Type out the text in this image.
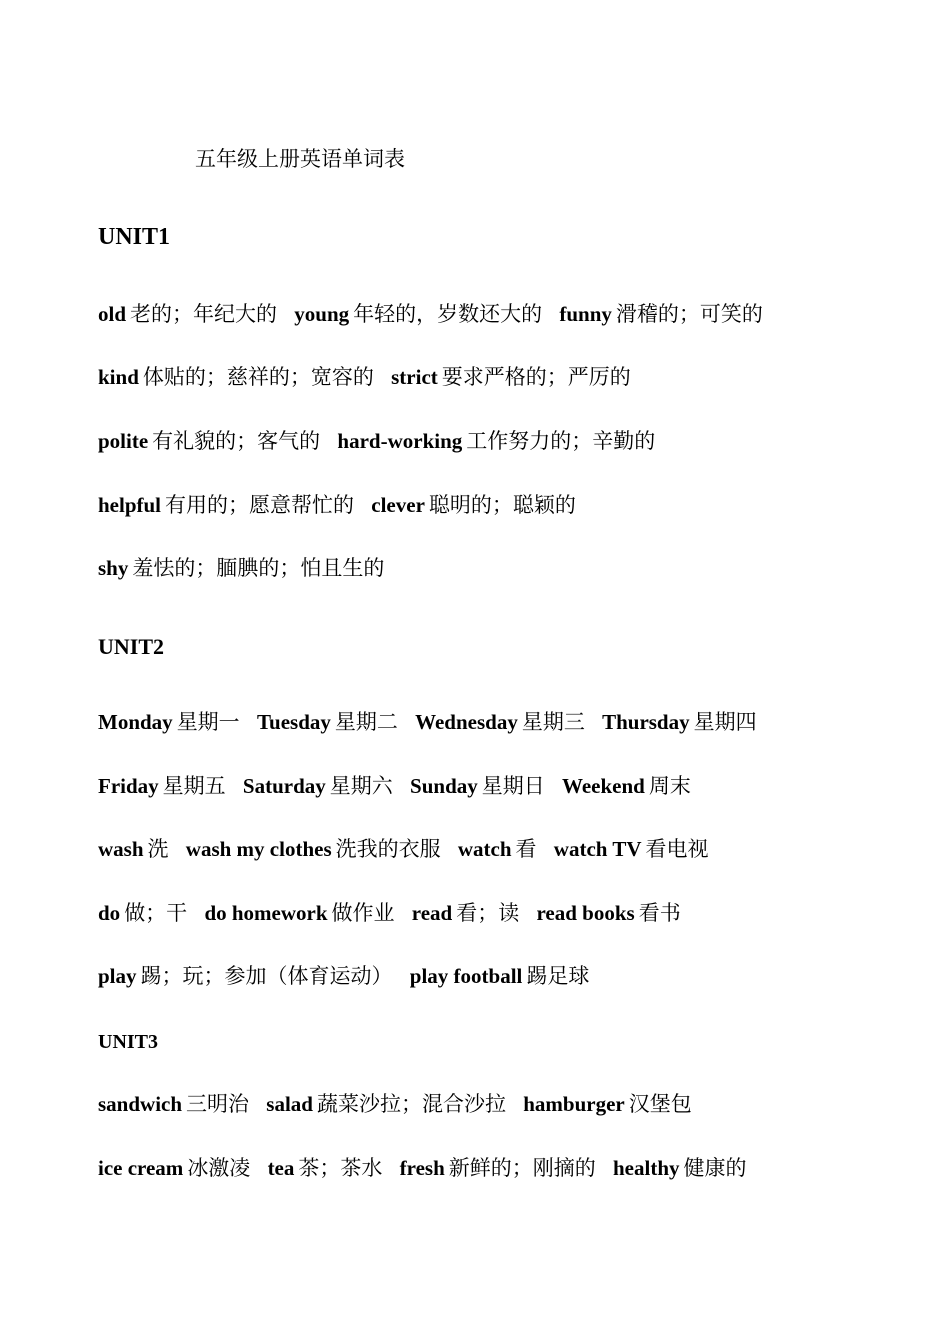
五年级上册英语单词表
UNIT1
old 老的；年纪大的 young 年轻的，岁数还大的 funny 滑稽的；可笑的
kind 体贴的；慈祥的；宽容的 strict 要求严格的；严厉的
polite 有礼貌的；客气的 hard-working 工作努力的；辛勤的
helpful 有用的；愿意帮忙的 clever 聪明的；聪颖的
shy 羞怯的；腼腆的；怕且生的
UNIT2
Monday 星期一 Tuesday 星期二 Wednesday 星期三 Thursday 星期四
Friday 星期五 Saturday 星期六 Sunday 星期日 Weekend 周末
wash 洗 wash my clothes 洗我的衣服 watch 看 watch TV 看电视
do 做；干 do homework 做作业 read 看；读 read books 看书
play 踢；玩；参加（体育运动） play football 踢足球
UNIT3
sandwich 三明治 salad 蔬菜沙拉；混合沙拉 hamburger 汉堡包
ice cream 冰激凌 tea 茶；茶水 fresh 新鲜的；刚摘的 healthy 健康的
